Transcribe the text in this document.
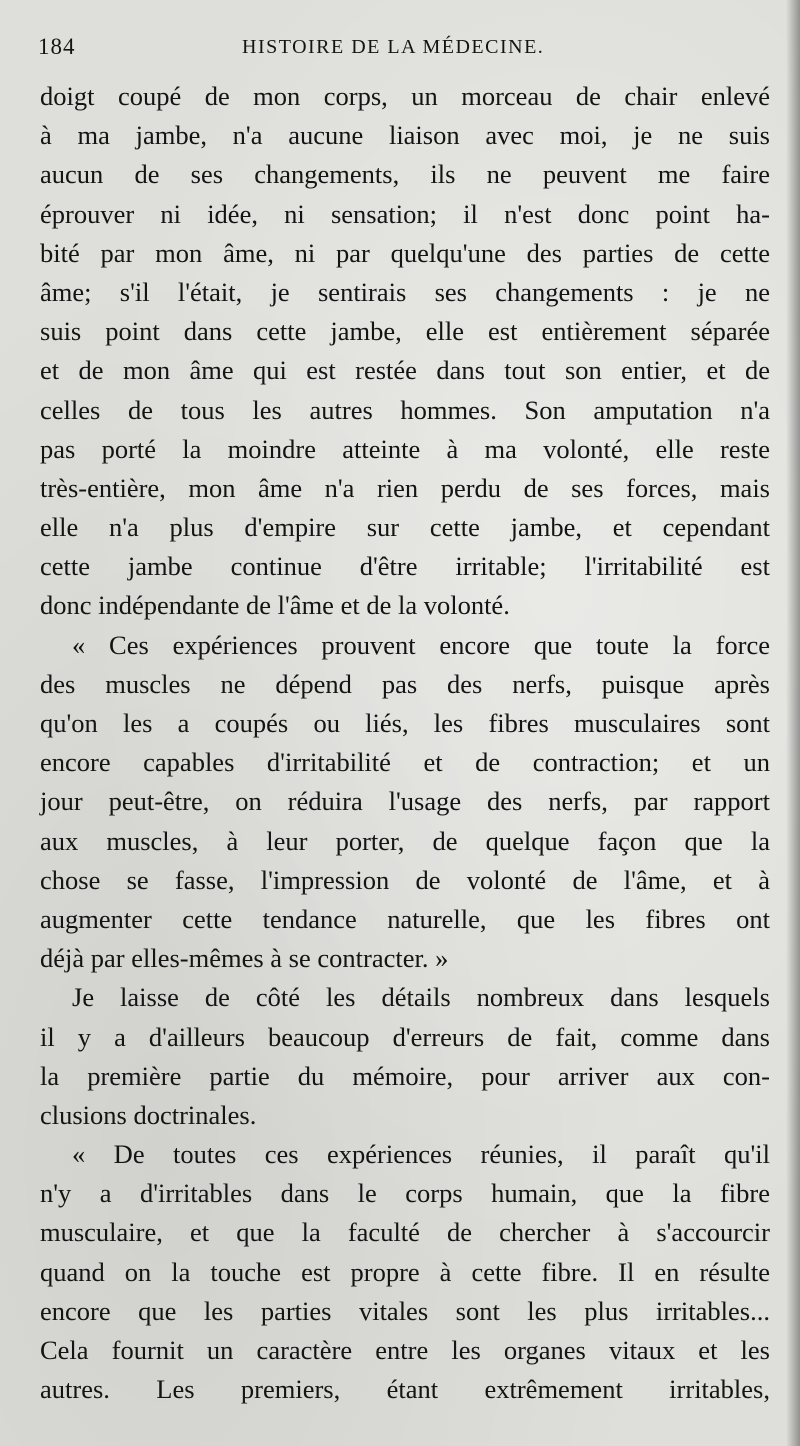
184	HISTOIRE DE LA MÉDECINE.
doigt coupé de mon corps, un morceau de chair enlevé
à ma jambe, n'a aucune liaison avec moi, je ne suis
aucun de ses changements, ils ne peuvent me faire
éprouver ni idée, ni sensation; il n'est donc point ha-
bité par mon âme, ni par quelqu'une des parties de cette
âme; s'il l'était, je sentirais ses changements : je ne
suis point dans cette jambe, elle est entièrement séparée
et de mon âme qui est restée dans tout son entier, et de
celles de tous les autres hommes. Son amputation n'a
pas porté la moindre atteinte à ma volonté, elle reste
très-entière, mon âme n'a rien perdu de ses forces, mais
elle n'a plus d'empire sur cette jambe, et cependant
cette jambe continue d'être irritable; l'irritabilité est
donc indépendante de l'âme et de la volonté.
« Ces expériences prouvent encore que toute la force
des muscles ne dépend pas des nerfs, puisque après
qu'on les a coupés ou liés, les fibres musculaires sont
encore capables d'irritabilité et de contraction; et un
jour peut-être, on réduira l'usage des nerfs, par rapport
aux muscles, à leur porter, de quelque façon que la
chose se fasse, l'impression de volonté de l'âme, et à
augmenter cette tendance naturelle, que les fibres ont
déjà par elles-mêmes à se contracter. »
Je laisse de côté les détails nombreux dans lesquels
il y a d'ailleurs beaucoup d'erreurs de fait, comme dans
la première partie du mémoire, pour arriver aux con-
clusions doctrinales.
« De toutes ces expériences réunies, il paraît qu'il
n'y a d'irritables dans le corps humain, que la fibre
musculaire, et que la faculté de chercher à s'accourcir
quand on la touche est propre à cette fibre. Il en résulte
encore que les parties vitales sont les plus irritables...
Cela fournit un caractère entre les organes vitaux et les
autres. Les premiers, étant extrêmement irritables,
